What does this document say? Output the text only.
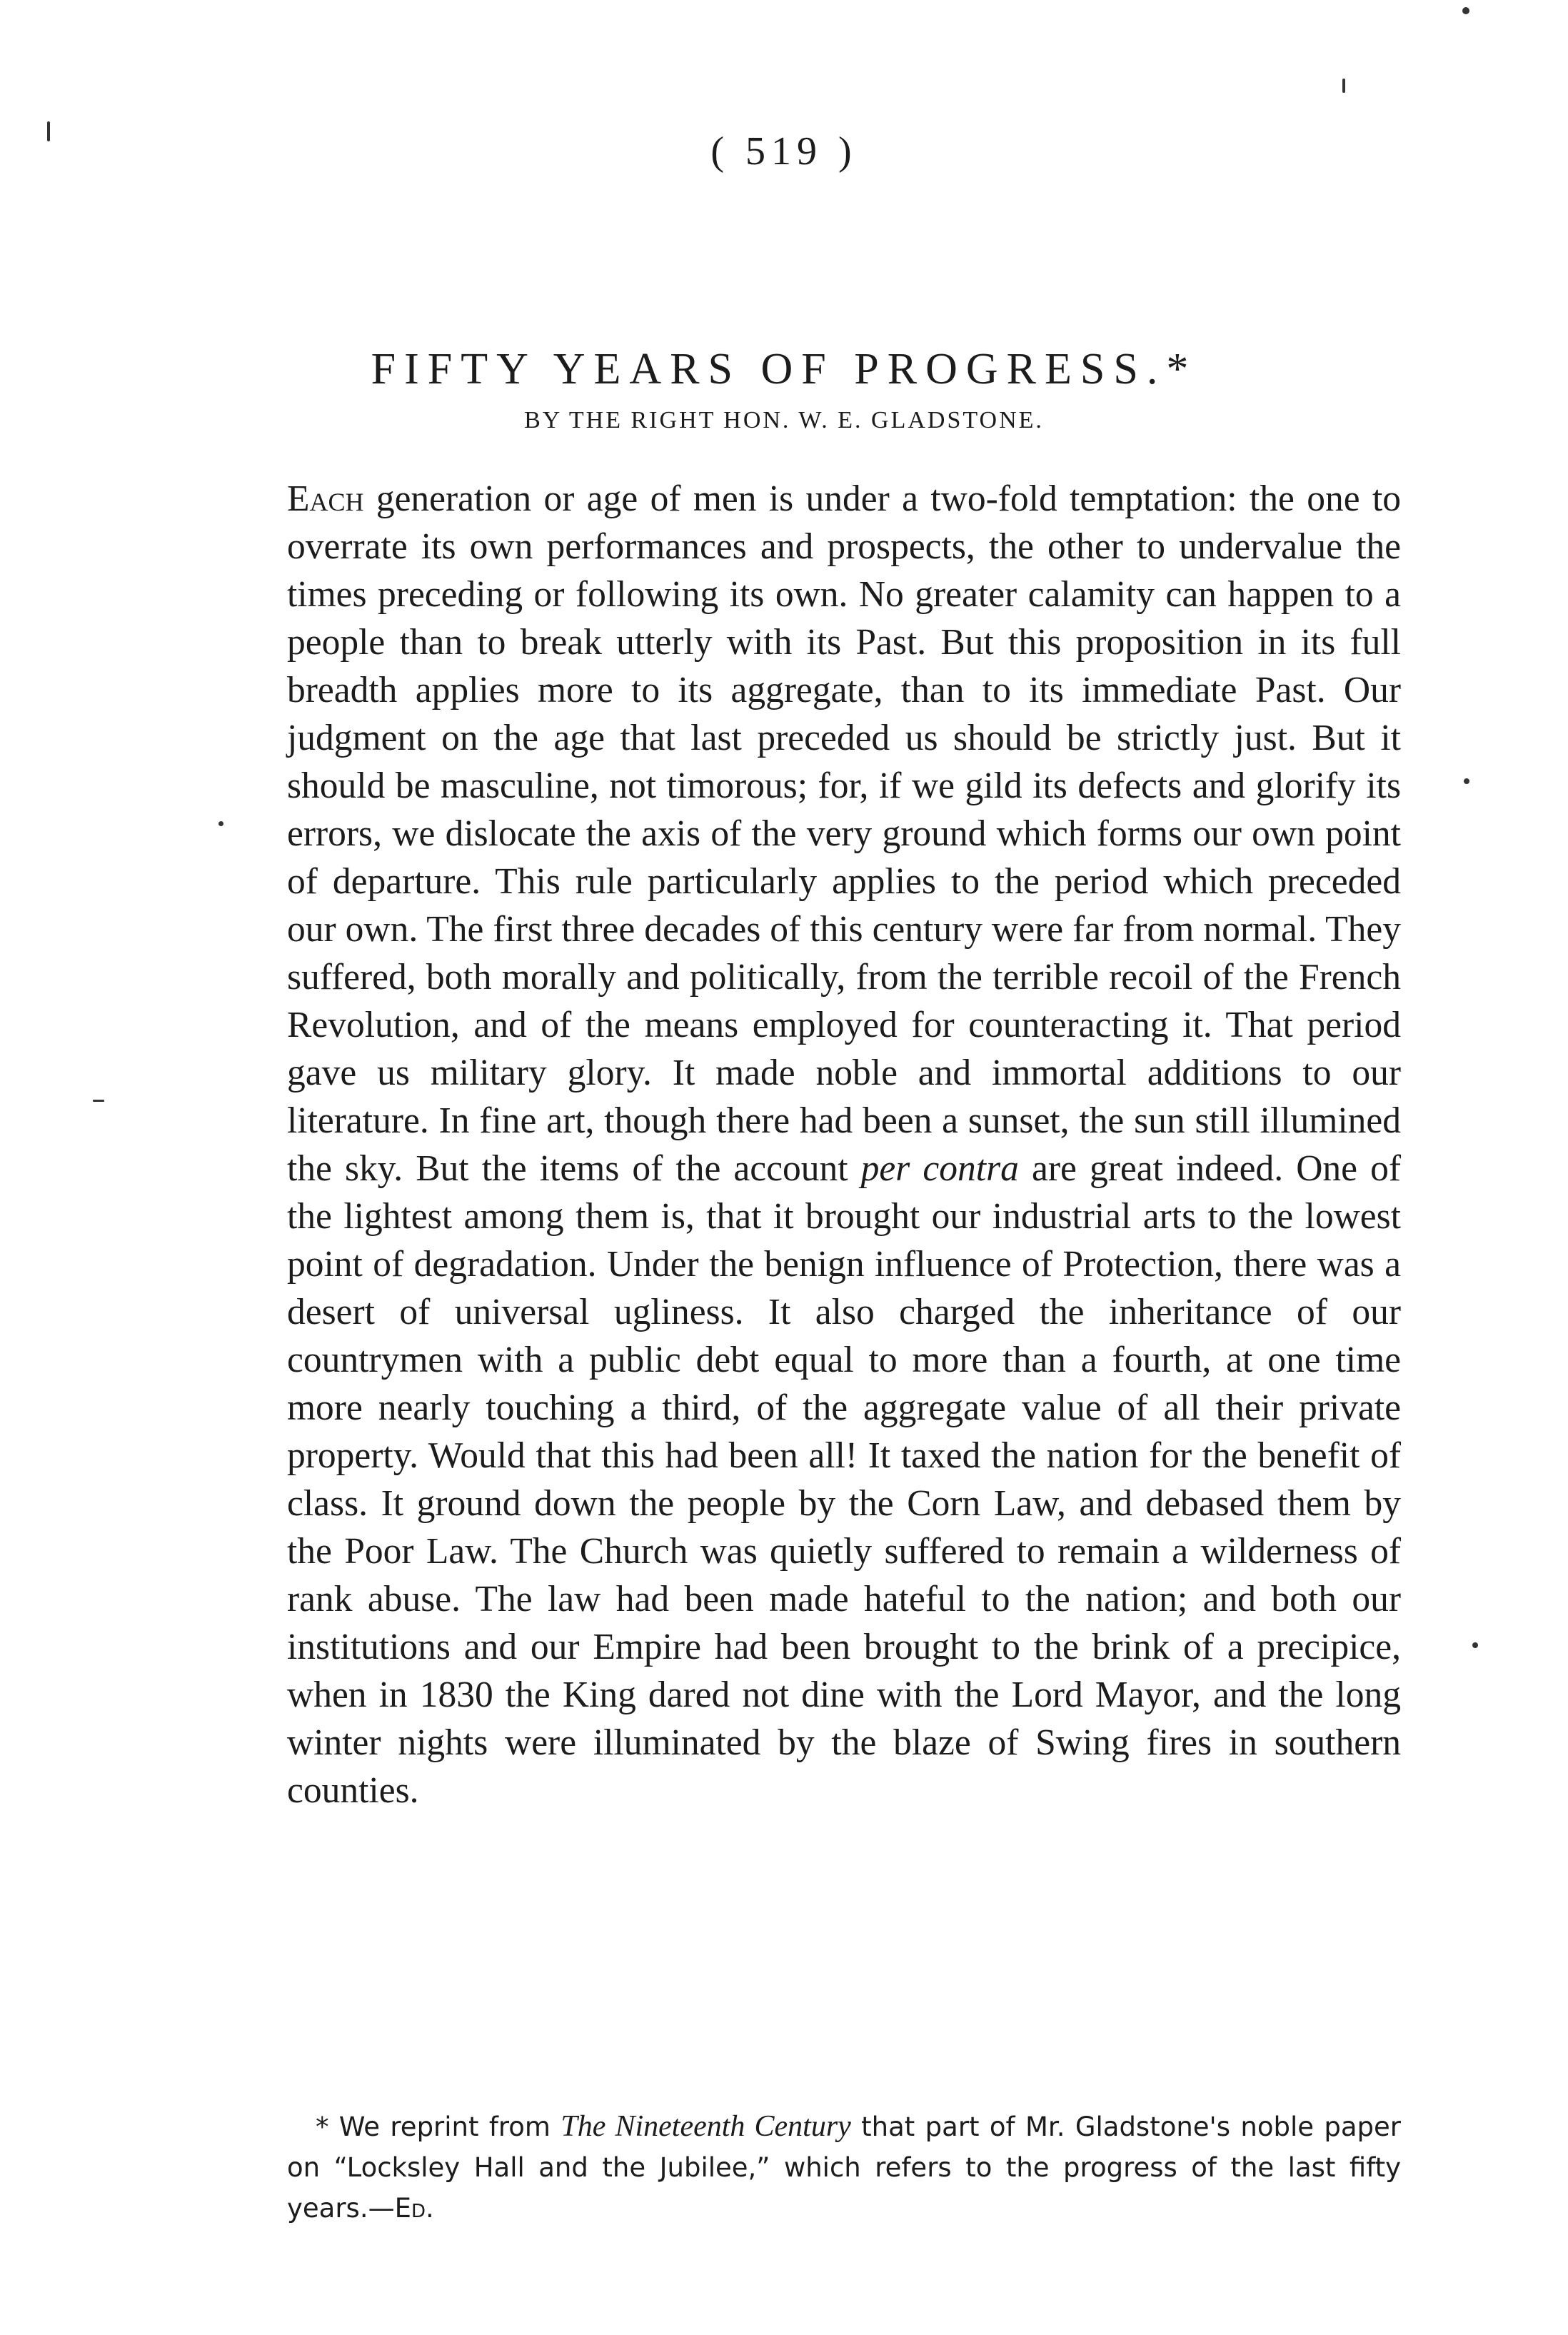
( 519 )
FIFTY YEARS OF PROGRESS.*
BY THE RIGHT HON. W. E. GLADSTONE.

Each generation or age of men is under a two-fold temptation: the one to overrate its own performances and prospects, the other to undervalue the times preceding or following its own. No greater calamity can happen to a people than to break utterly with its Past. But this proposition in its full breadth applies more to its aggregate, than to its immediate Past. Our judgment on the age that last preceded us should be strictly just. But it should be masculine, not timorous; for, if we gild its defects and glorify its errors, we dislocate the axis of the very ground which forms our own point of departure. This rule particularly applies to the period which preceded our own. The first three decades of this century were far from normal. They suffered, both morally and politically, from the terrible recoil of the French Revolution, and of the means employed for counteracting it. That period gave us military glory. It made noble and immortal additions to our literature. In fine art, though there had been a sunset, the sun still illumined the sky. But the items of the account per contra are great indeed. One of the lightest among them is, that it brought our industrial arts to the lowest point of degradation. Under the benign influence of Protection, there was a desert of universal ugliness. It also charged the inheritance of our countrymen with a public debt equal to more than a fourth, at one time more nearly touching a third, of the aggregate value of all their private property. Would that this had been all! It taxed the nation for the benefit of class. It ground down the people by the Corn Law, and debased them by the Poor Law. The Church was quietly suffered to remain a wilderness of rank abuse. The law had been made hateful to the nation; and both our institutions and our Empire had been brought to the brink of a precipice, when in 1830 the King dared not dine with the Lord Mayor, and the long winter nights were illuminated by the blaze of Swing fires in southern counties.

* We reprint from The Nineteenth Century that part of Mr. Gladstone's noble paper on “Locksley Hall and the Jubilee,” which refers to the progress of the last fifty years.—Ed.
